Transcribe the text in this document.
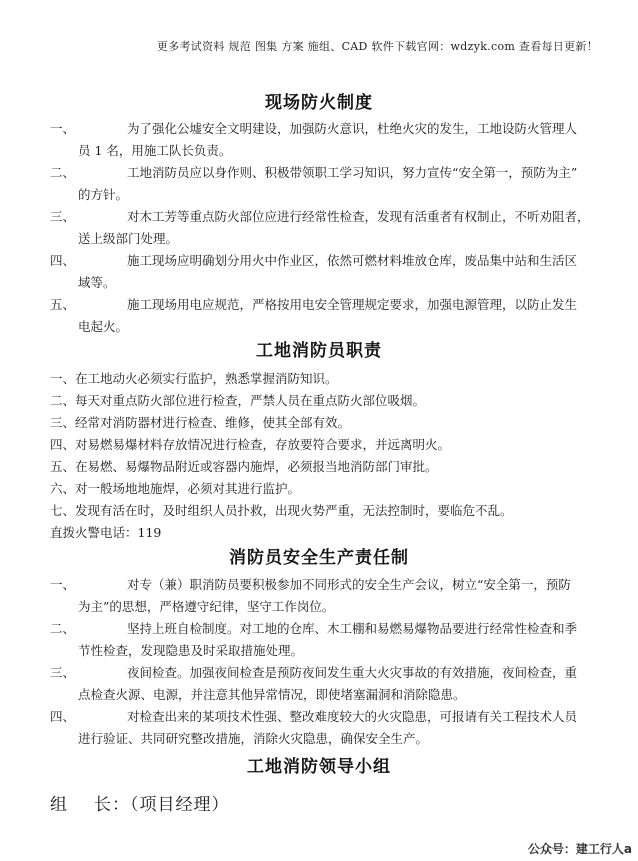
更多考试资料 规范 图集 方案 施组、CAD 软件下载官网：wdzyk.com 查看每日更新！
现场防火制度
一、	为了强化公墟安全文明建设，加强防火意识，杜绝火灾的发生，工地设防火管理人
员 1 名，用施工队长负责。
二、	工地消防员应以身作则、积极带领职工学习知识，努力宣传“安全第一，预防为主”
的方针。
三、	对木工芳等重点防火部位应进行经常性检查，发现有活重者有权制止，不听劝阻者，
送上级部门处理。
四、	施工现场应明确划分用火中作业区，依然可燃材料堆放仓库，废品集中站和生活区
域等。
五、	施工现场用电应规范，严格按用电安全管理规定要求，加强电源管理，以防止发生
电起火。
工地消防员职责
一、在工地动火必须实行监护，熟悉掌握消防知识。
二、每天对重点防火部位进行检查，严禁人员在重点防火部位吸烟。
三、经常对消防器材进行检查、维修，使其全部有效。
四、对易燃易爆材料存放情况进行检查，存放要符合要求，并远离明火。
五、在易燃、易爆物品附近或容器内施焊，必须报当地消防部门审批。
六、对一般场地地施焊，必须对其进行监护。
七、发现有活在时，及时组织人员扑救，出现火势严重，无法控制时，要临危不乱。
直拨火警电话：119
消防员安全生产责任制
一、	对专（兼）职消防员要积极参加不同形式的安全生产会议，树立“安全第一，预防
为主”的思想，严格遵守纪律，坚守工作岗位。
二、	坚持上班自检制度。对工地的仓库、木工棚和易燃易爆物品要进行经常性检查和季
节性检查，发现隐患及时采取措施处理。
三、	夜间检查。加强夜间检查是预防夜间发生重大火灾事故的有效措施，夜间检查，重
点检查火源、电源，并注意其他异常情况，即使堵塞漏洞和消除隐患。
四、	对检查出来的某项技术性强、整改难度较大的火灾隐患，可报请有关工程技术人员
进行验证、共同研究整改措施，消除火灾隐患，确保安全生产。
工地消防领导小组
组 长：（项目经理）
公众号：建工行人a
